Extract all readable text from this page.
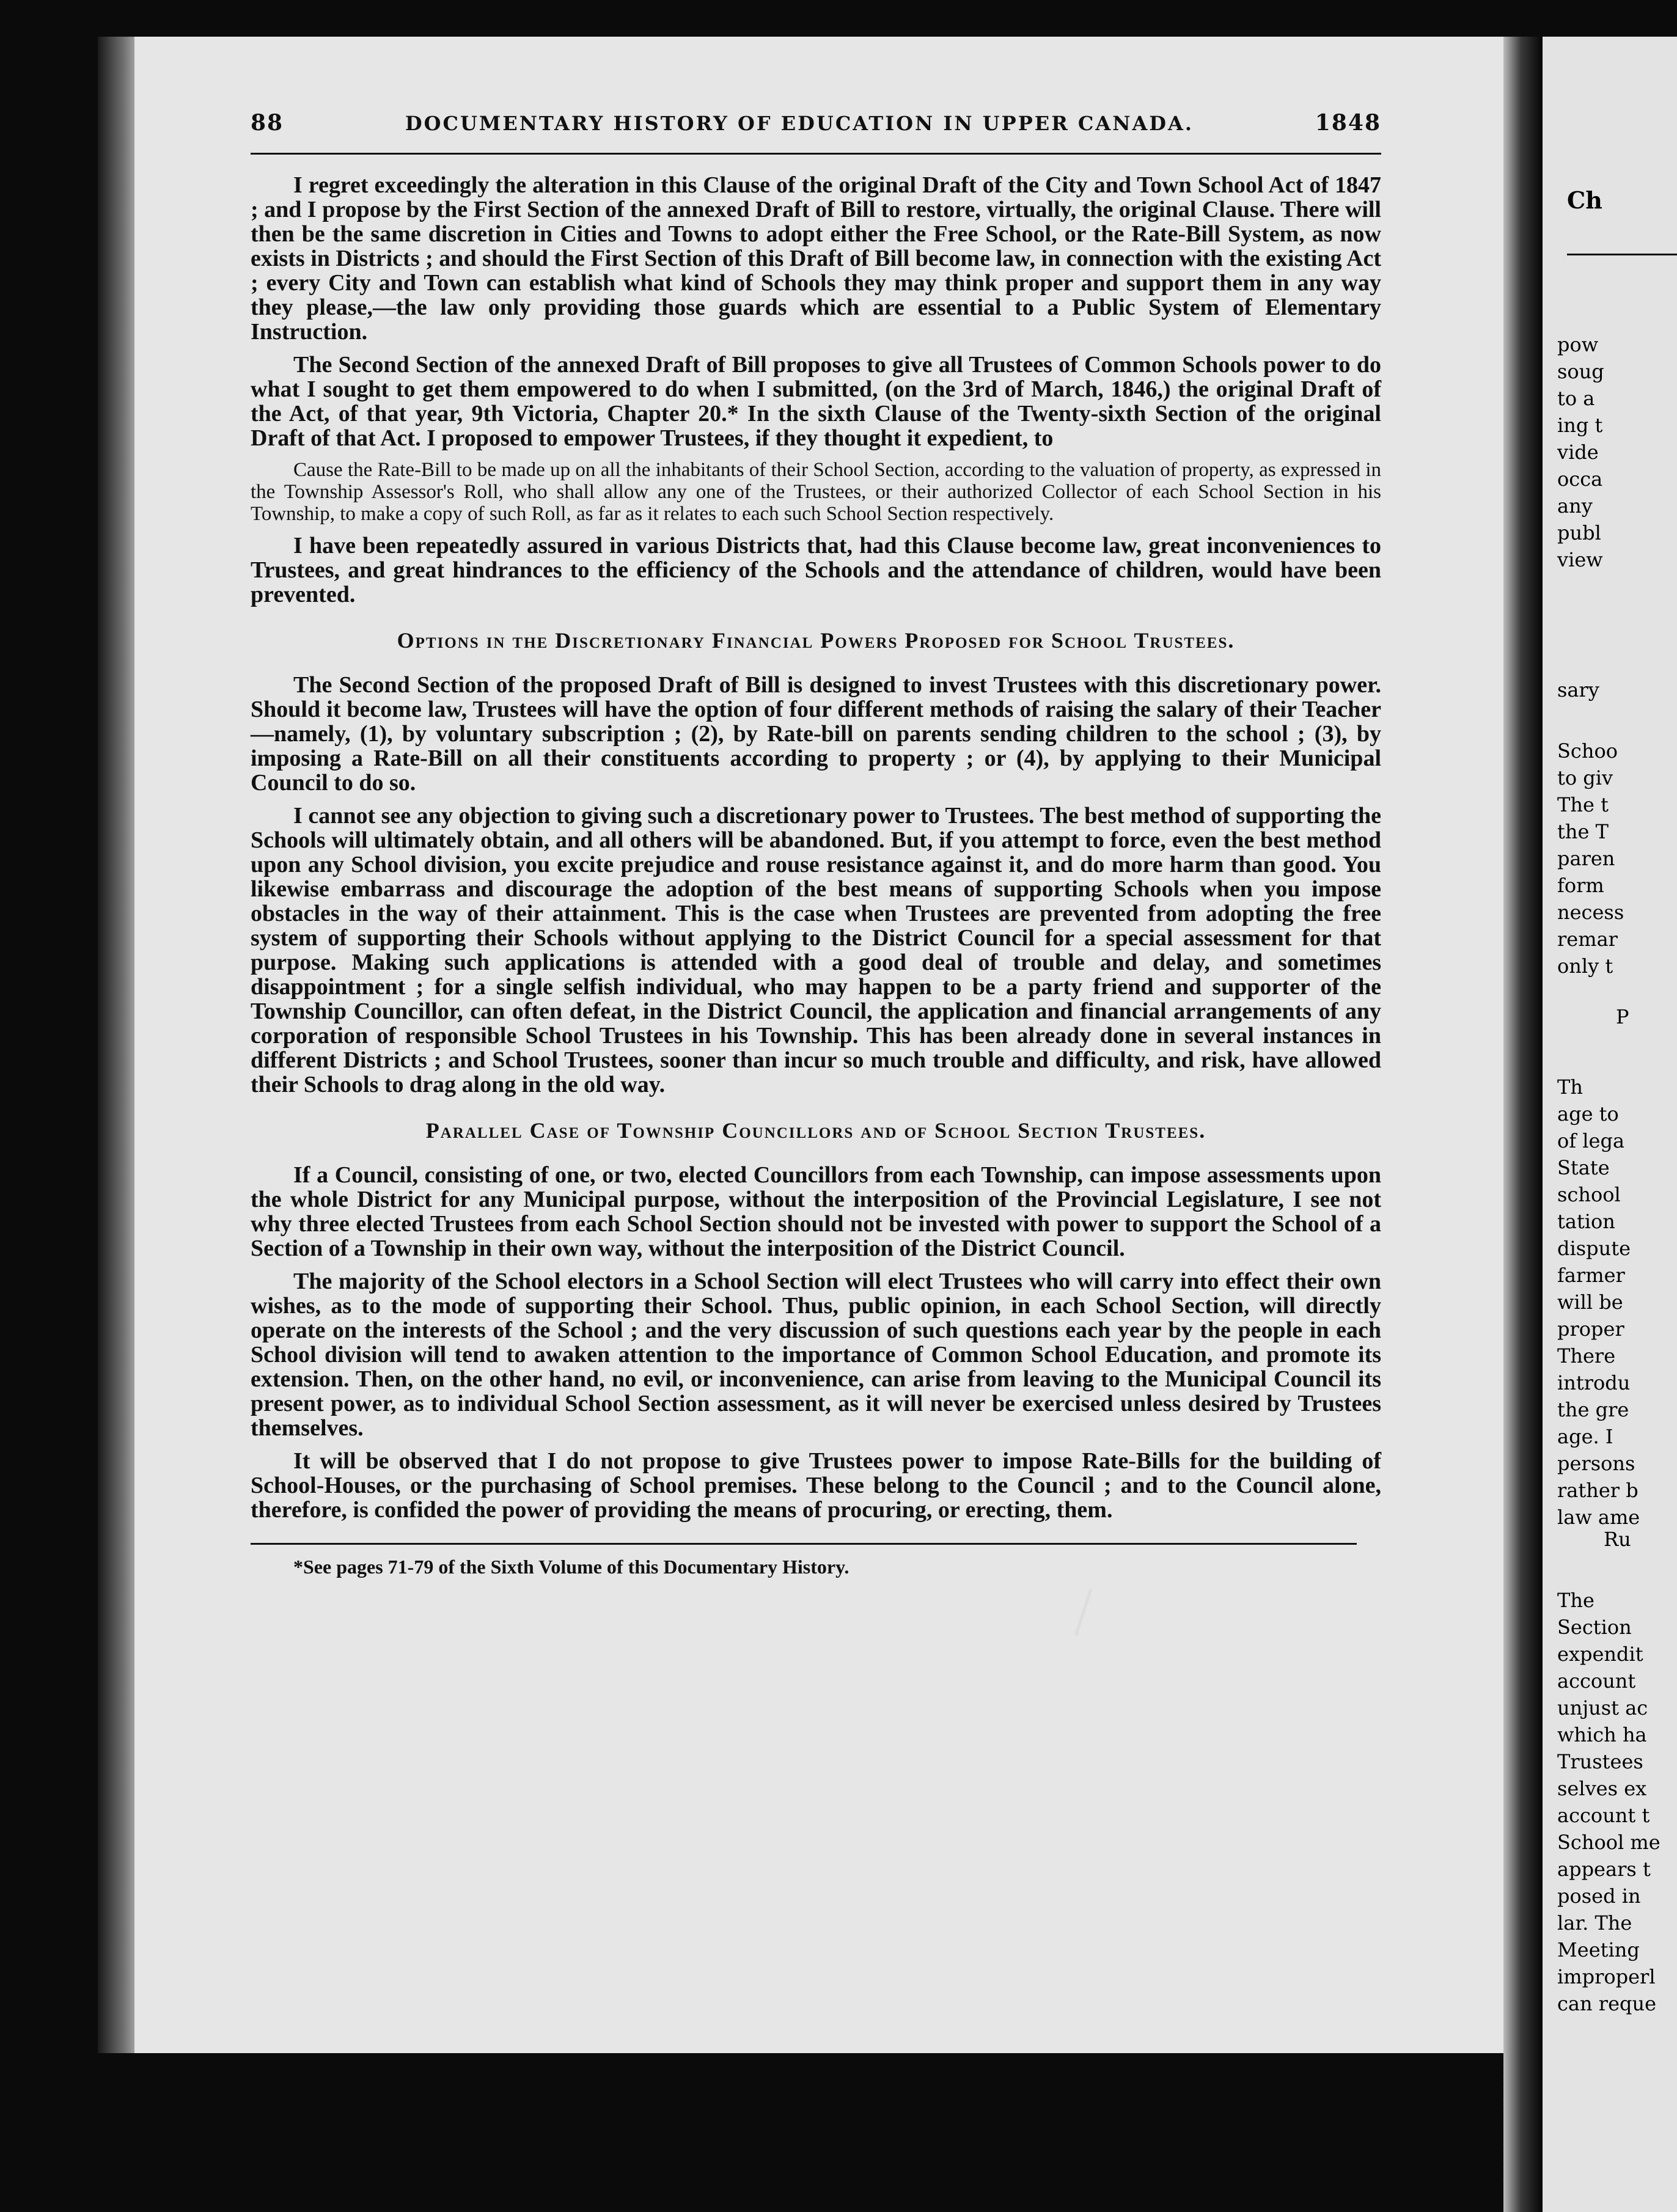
88	DOCUMENTARY HISTORY OF EDUCATION IN UPPER CANADA.	1848

I regret exceedingly the alteration in this Clause of the original Draft of the City and Town School Act of 1847 ; and I propose by the First Section of the annexed Draft of Bill to restore, virtually, the original Clause. There will then be the same discretion in Cities and Towns to adopt either the Free School, or the Rate-Bill System, as now exists in Districts ; and should the First Section of this Draft of Bill become law, in connection with the existing Act ; every City and Town can establish what kind of Schools they may think proper and support them in any way they please,—the law only providing those guards which are essential to a Public System of Elementary Instruction.

The Second Section of the annexed Draft of Bill proposes to give all Trustees of Common Schools power to do what I sought to get them empowered to do when I submitted, (on the 3rd of March, 1846,) the original Draft of the Act, of that year, 9th Victoria, Chapter 20.* In the sixth Clause of the Twenty-sixth Section of the original Draft of that Act. I proposed to empower Trustees, if they thought it expedient, to

Cause the Rate-Bill to be made up on all the inhabitants of their School Section, according to the valuation of property, as expressed in the Township Assessor's Roll, who shall allow any one of the Trustees, or their authorized Collector of each School Section in his Township, to make a copy of such Roll, as far as it relates to each such School Section respectively.

I have been repeatedly assured in various Districts that, had this Clause become law, great inconveniences to Trustees, and great hindrances to the efficiency of the Schools and the attendance of children, would have been prevented.

Options in the Discretionary Financial Powers Proposed for School Trustees.

The Second Section of the proposed Draft of Bill is designed to invest Trustees with this discretionary power. Should it become law, Trustees will have the option of four different methods of raising the salary of their Teacher—namely, (1), by voluntary subscription ; (2), by Rate-bill on parents sending children to the school ; (3), by imposing a Rate-Bill on all their constituents according to property ; or (4), by applying to their Municipal Council to do so.

I cannot see any objection to giving such a discretionary power to Trustees. The best method of supporting the Schools will ultimately obtain, and all others will be abandoned. But, if you attempt to force, even the best method upon any School division, you excite prejudice and rouse resistance against it, and do more harm than good. You likewise embarrass and discourage the adoption of the best means of supporting Schools when you impose obstacles in the way of their attainment. This is the case when Trustees are prevented from adopting the free system of supporting their Schools without applying to the District Council for a special assessment for that purpose. Making such applications is attended with a good deal of trouble and delay, and sometimes disappointment ; for a single selfish individual, who may happen to be a party friend and supporter of the Township Councillor, can often defeat, in the District Council, the application and financial arrangements of any corporation of responsible School Trustees in his Township. This has been already done in several instances in different Districts ; and School Trustees, sooner than incur so much trouble and difficulty, and risk, have allowed their Schools to drag along in the old way.

Parallel Case of Township Councillors and of School Section Trustees.

If a Council, consisting of one, or two, elected Councillors from each Township, can impose assessments upon the whole District for any Municipal purpose, without the interposition of the Provincial Legislature, I see not why three elected Trustees from each School Section should not be invested with power to support the School of a Section of a Township in their own way, without the interposition of the District Council.

The majority of the School electors in a School Section will elect Trustees who will carry into effect their own wishes, as to the mode of supporting their School. Thus, public opinion, in each School Section, will directly operate on the interests of the School ; and the very discussion of such questions each year by the people in each School division will tend to awaken attention to the importance of Common School Education, and promote its extension. Then, on the other hand, no evil, or inconvenience, can arise from leaving to the Municipal Council its present power, as to individual School Section assessment, as it will never be exercised unless desired by Trustees themselves.

It will be observed that I do not propose to give Trustees power to impose Rate-Bills for the building of School-Houses, or the purchasing of School premises. These belong to the Council ; and to the Council alone, therefore, is confided the power of providing the means of procuring, or erecting, them.

*See pages 71-79 of the Sixth Volume of this Documentary History.
Ch
pow
soug
to a
ing t
vide
occa
any
publ
view
sary
Schoo
to giv
The t
the T
paren
form
necess
remar
only t
P
Th
age to
of lega
State
school
tation
dispute
farmer
will be
proper
There
introdu
the gre
age. I
persons
rather b
law ame
Ru
The
Section
expendit
account
unjust ac
which ha
Trustees
selves ex
account t
School me
appears t
posed in
lar. The
Meeting
improperl
can reque
